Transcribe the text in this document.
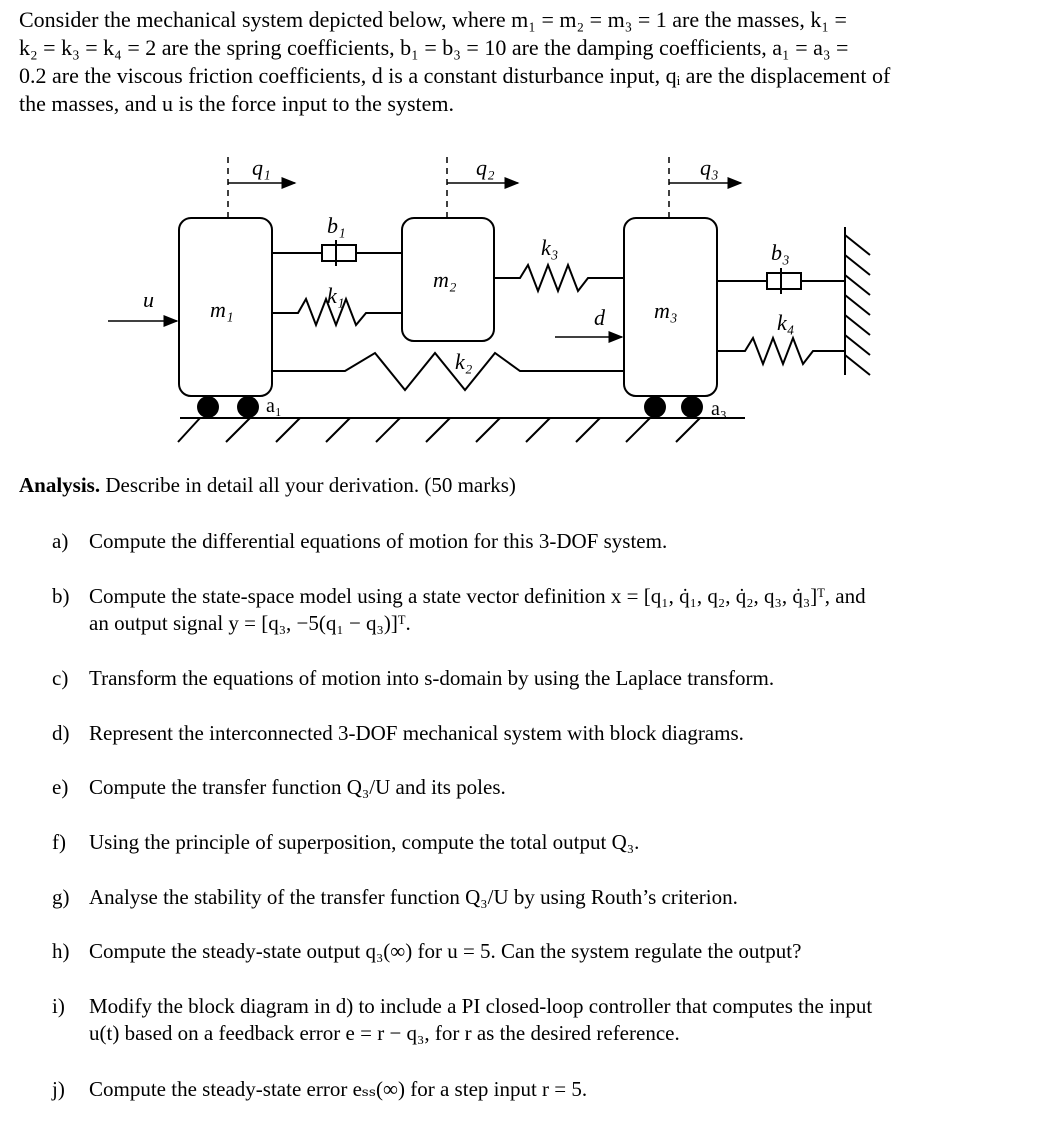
Consider the mechanical system depicted below, where m₁ = m₂ = m₃ = 1 are the masses, k₁ =

k₂ = k₃ = k₄ = 2 are the spring coefficients, b₁ = b₃ = 10 are the damping coefficients, a₁ = a₃ =

0.2 are the viscous friction coefficients, d is a constant disturbance input, qᵢ are the displacement of

the masses, and u is the force input to the system.

q₁	q₂	q₃
b₁
k₃	b₃
m₂
k₁
u	m₁	d m₃	k₄
k₂
a₁	a₃
Analysis. Describe in detail all your derivation. (50 marks)
a) Compute the differential equations of motion for this 3-DOF system.
b) Compute the state-space model using a state vector definition x = [q₁, q̇₁, q₂, q̇₂, q₃, q̇₃]ᵀ, and
an output signal y = [q₃, −5(q₁ − q₃)]ᵀ.
c) Transform the equations of motion into s-domain by using the Laplace transform.
d) Represent the interconnected 3-DOF mechanical system with block diagrams.
e) Compute the transfer function Q₃/U and its poles.
f) Using the principle of superposition, compute the total output Q₃.
g) Analyse the stability of the transfer function Q₃/U by using Routh’s criterion.
h) Compute the steady-state output q₃(∞) for u = 5. Can the system regulate the output?
i) Modify the block diagram in d) to include a PI closed-loop controller that computes the input
u(t) based on a feedback error e = r − q₃, for r as the desired reference.
j) Compute the steady-state error eₛₛ(∞) for a step input r = 5.
